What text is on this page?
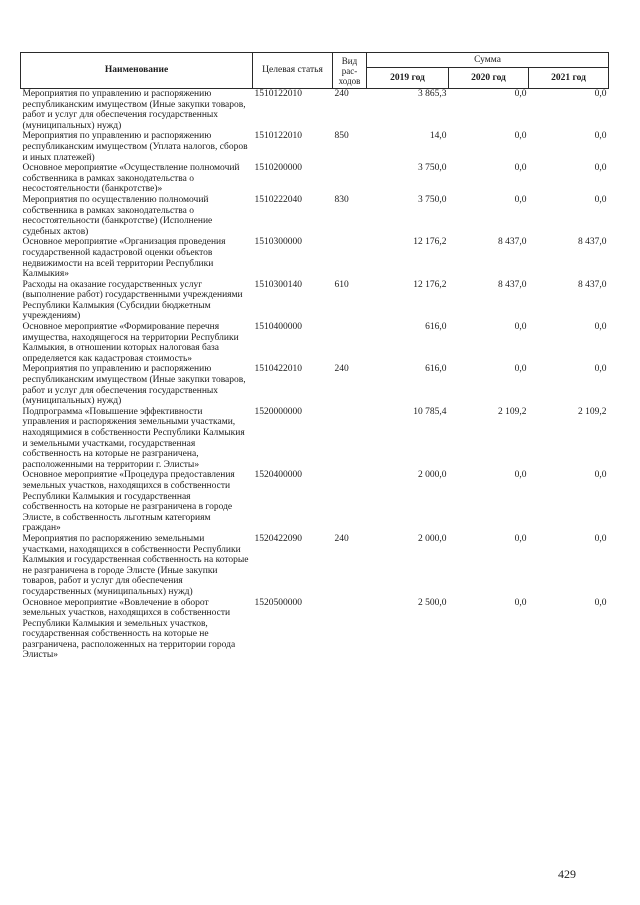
Наименование	Целевая статья	Вид рас-ходов	Сумма		
			2019 год	2020 год	2021 год
Мероприятия по управлению и распоряжению республиканским имуществом (Иные закупки товаров, работ и услуг для обеспечения государственных (муниципальных) нужд)	1510122010	240	3 865,3	0,0	0,0
Мероприятия по управлению и распоряжению республиканским имуществом (Уплата налогов, сборов и иных платежей)	1510122010	850	14,0	0,0	0,0
Основное мероприятие «Осуществление полномочий собственника в рамках законодательства о несостоятельности (банкротстве)»	1510200000		3 750,0	0,0	0,0
Мероприятия по осуществлению полномочий собственника в рамках законодательства о несостоятельности (банкротстве) (Исполнение судебных актов)	1510222040	830	3 750,0	0,0	0,0
Основное мероприятие «Организация проведения государственной кадастровой оценки объектов недвижимости на всей территории Республики Калмыкия»	1510300000		12 176,2	8 437,0	8 437,0
Расходы на оказание государственных услуг (выполнение работ) государственными учреждениями Республики Калмыкия (Субсидии бюджетным учреждениям)	1510300140	610	12 176,2	8 437,0	8 437,0
Основное мероприятие «Формирование перечня имущества, находящегося на территории Республики Калмыкия, в отношении которых налоговая база определяется как кадастровая стоимость»	1510400000		616,0	0,0	0,0
Мероприятия по управлению и распоряжению республиканским имуществом (Иные закупки товаров, работ и услуг для обеспечения государственных (муниципальных) нужд)	1510422010	240	616,0	0,0	0,0
Подпрограмма «Повышение эффективности управления и распоряжения земельными участками, находящимися в собственности Республики Калмыкия и земельными участками, государственная собственность на которые не разграничена, расположенными на территории г. Элисты»	1520000000		10 785,4	2 109,2	2 109,2
Основное мероприятие «Процедура предоставления земельных участков, находящихся в собственности Республики Калмыкия и государственная собственность на которые не разграничена в городе Элисте, в собственность льготным категориям граждан»	1520400000		2 000,0	0,0	0,0
Мероприятия по распоряжению земельными участками, находящихся в собственности Республики Калмыкия и государственная собственность на которые не разграничена в городе Элисте (Иные закупки товаров, работ и услуг для обеспечения государственных (муниципальных) нужд)	1520422090	240	2 000,0	0,0	0,0
Основное мероприятие «Вовлечение в оборот земельных участков, находящихся в собственности Республики Калмыкия и земельных участков, государственная собственность на которые не разграничена, расположенных на территории города Элисты»	1520500000		2 500,0	0,0	0,0
429
